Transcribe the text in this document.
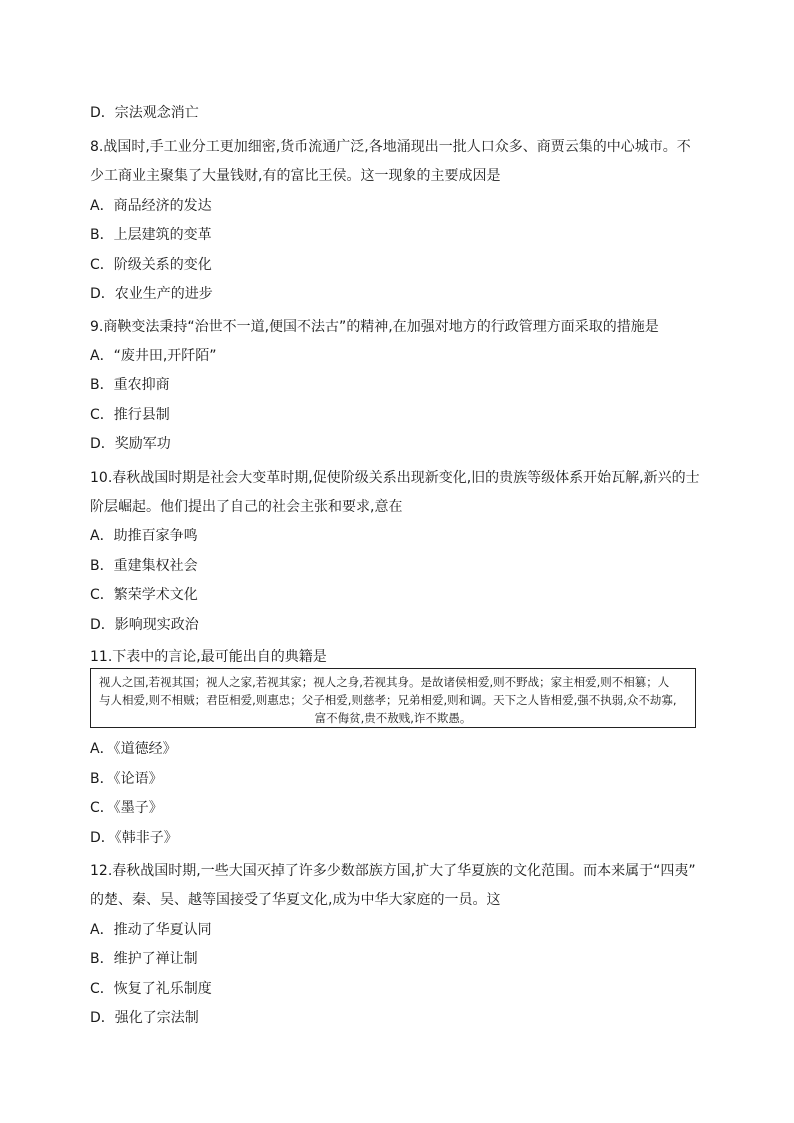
D．宗法观念消亡
8.战国时,手工业分工更加细密,货币流通广泛,各地涌现出一批人口众多、商贾云集的中心城市。不
少工商业主聚集了大量钱财,有的富比王侯。这一现象的主要成因是
A．商品经济的发达
B．上层建筑的变革
C．阶级关系的变化
D．农业生产的进步
9.商鞅变法秉持“治世不一道,便国不法古”的精神,在加强对地方的行政管理方面采取的措施是
A．“废井田,开阡陌”
B．重农抑商
C．推行县制
D．奖励军功
10.春秋战国时期是社会大变革时期,促使阶级关系出现新变化,旧的贵族等级体系开始瓦解,新兴的士
阶层崛起。他们提出了自己的社会主张和要求,意在
A．助推百家争鸣
B．重建集权社会
C．繁荣学术文化
D．影响现实政治
11.下表中的言论,最可能出自的典籍是
视人之国,若视其国；视人之家,若视其家；视人之身,若视其身。是故诸侯相爱,则不野战；家主相爱,则不相篡；人
与人相爱,则不相贼；君臣相爱,则惠忠；父子相爱,则慈孝；兄弟相爱,则和调。天下之人皆相爱,强不执弱,众不劫寡,
富不侮贫,贵不敖贱,诈不欺愚。
A．《道德经》
B．《论语》
C．《墨子》
D．《韩非子》
12.春秋战国时期,一些大国灭掉了许多少数部族方国,扩大了华夏族的文化范围。而本来属于“四夷”
的楚、秦、吴、越等国接受了华夏文化,成为中华大家庭的一员。这
A．推动了华夏认同
B．维护了禅让制
C．恢复了礼乐制度
D．强化了宗法制
